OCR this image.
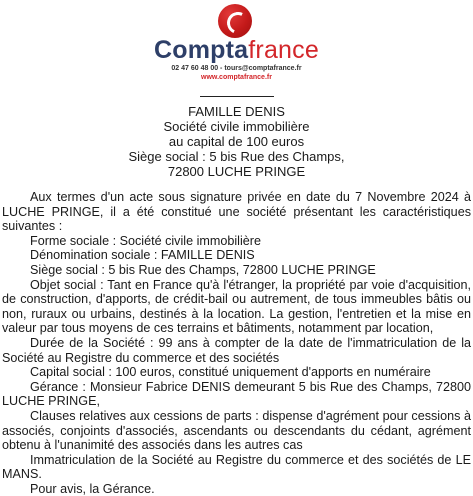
Comptafrance
02 47 60 48 00 - tours@comptafrance.fr
www.comptafrance.fr
FAMILLE DENIS
Société civile immobilière
au capital de 100 euros
Siège social : 5 bis Rue des Champs,
72800 LUCHE PRINGE

Aux termes d'un acte sous signature privée en date du 7 Novembre 2024 à LUCHE PRINGE, il a été constitué une société présentant les caractéristiques suivantes :

Forme sociale : Société civile immobilière

Dénomination sociale : FAMILLE DENIS

Siège social : 5 bis Rue des Champs, 72800 LUCHE PRINGE

Objet social : Tant en France qu'à l'étranger, la propriété par voie d'acquisition, de construction, d'apports, de crédit-bail ou autrement, de tous immeubles bâtis ou non, ruraux ou urbains, destinés à la location. La gestion, l'entretien et la mise en valeur par tous moyens de ces terrains et bâtiments, notamment par location,

Durée de la Société : 99 ans à compter de la date de l'immatriculation de la Société au Registre du commerce et des sociétés

Capital social : 100 euros, constitué uniquement d'apports en numéraire

Gérance : Monsieur Fabrice DENIS demeurant 5 bis Rue des Champs, 72800 LUCHE PRINGE,

Clauses relatives aux cessions de parts : dispense d'agrément pour cessions à associés, conjoints d'associés, ascendants ou descendants du cédant, agrément obtenu à l'unanimité des associés dans les autres cas

Immatriculation de la Société au Registre du commerce et des sociétés de LE MANS.

Pour avis, la Gérance.
